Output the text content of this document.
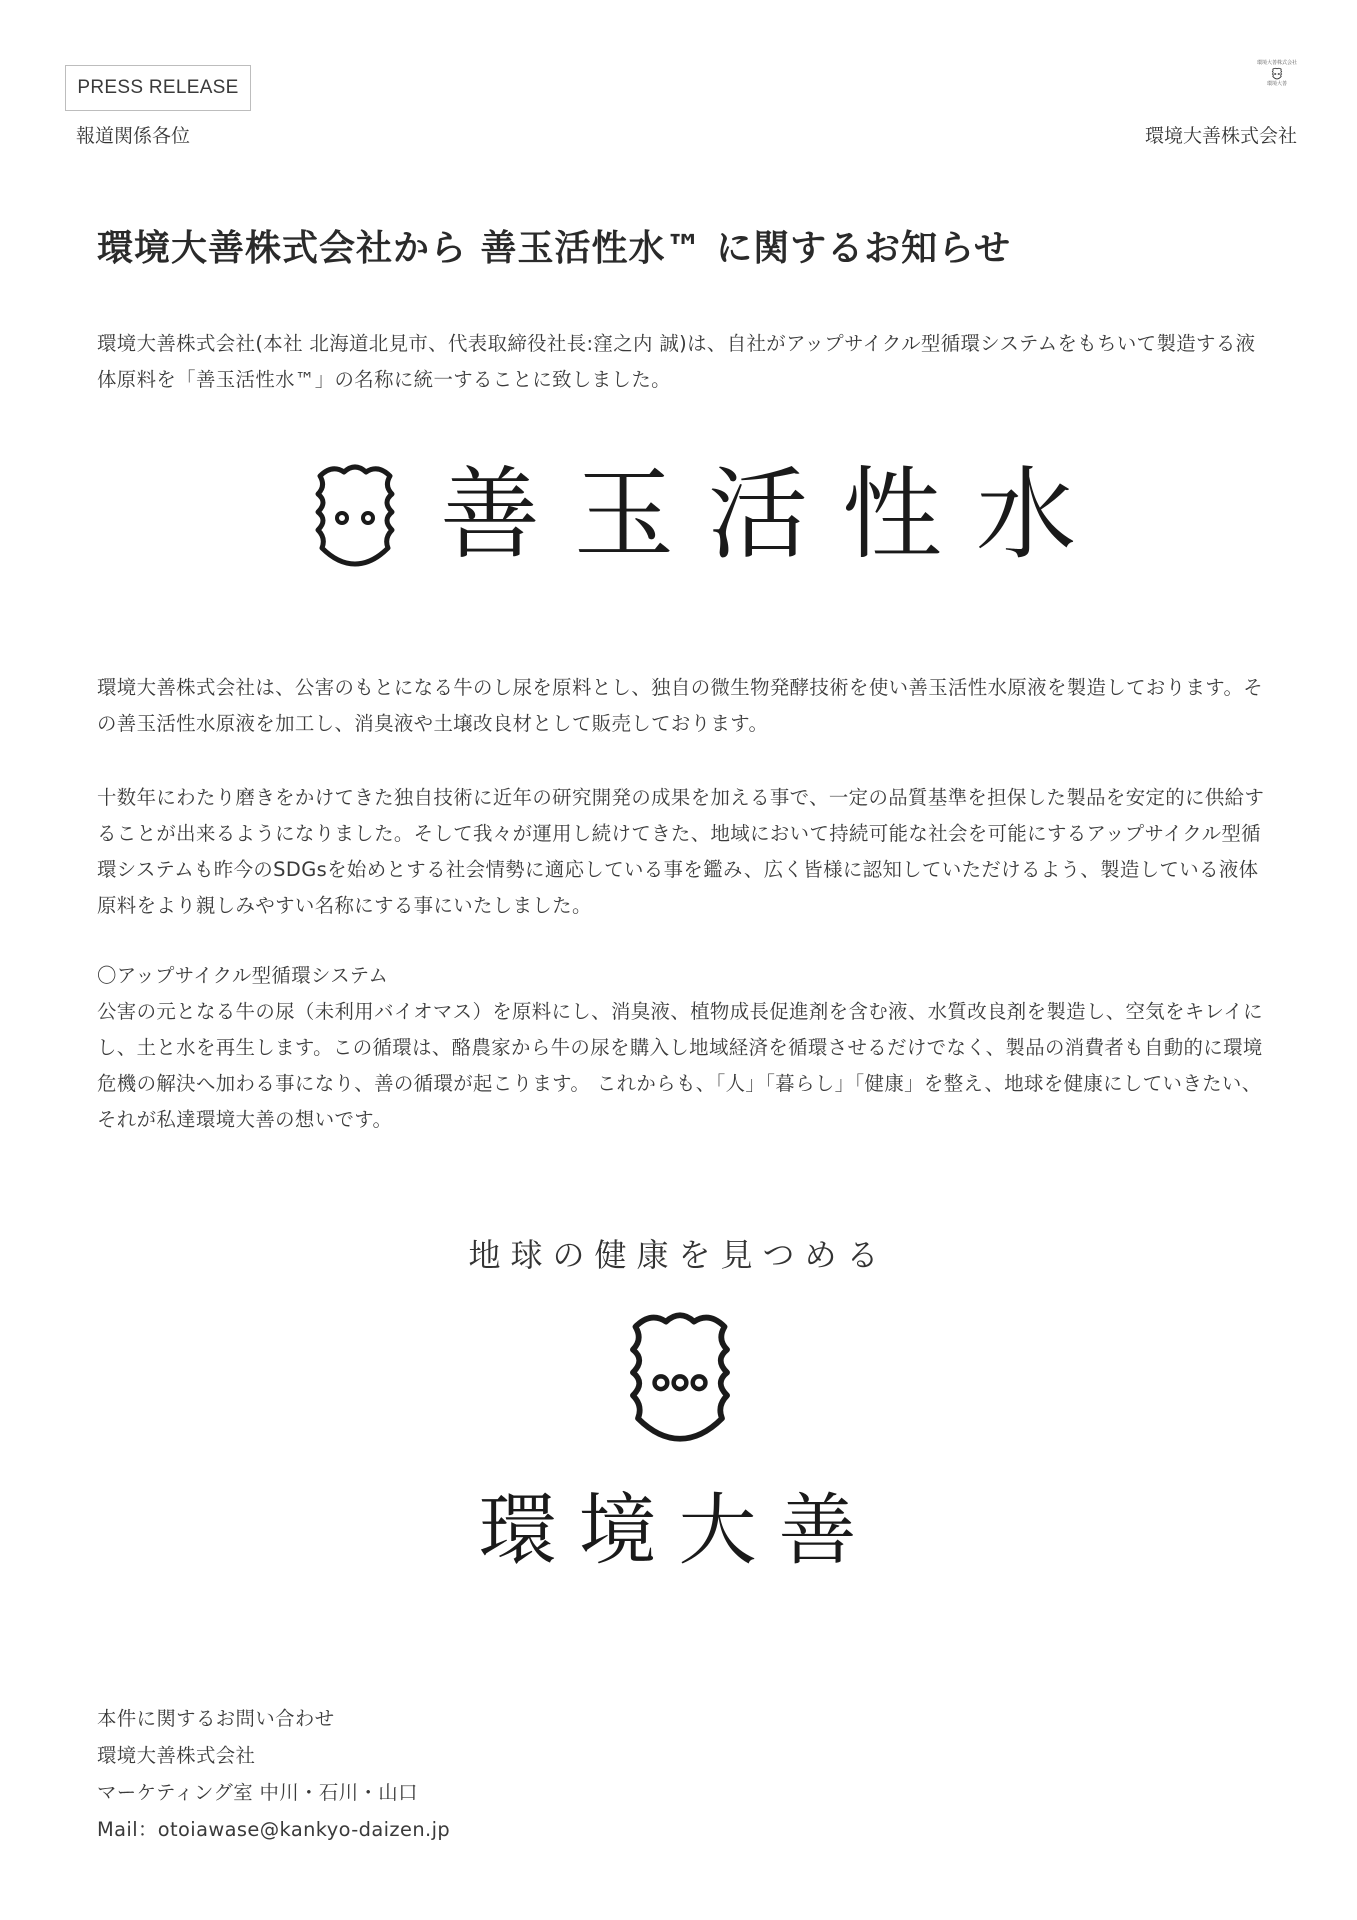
PRESS RELEASE
報道関係各位
環境大善株式会社
環境大善
環境大善株式会社
環境大善株式会社から 善玉活性水™ に関するお知らせ

環境大善株式会社(本社 北海道北見市、代表取締役社長:窪之内 誠)は、自社がアップサイクル型循環システムをもちいて製造する液体原料を「善玉活性水™」の名称に統一することに致しました。

善玉活性水

環境大善株式会社は、公害のもとになる牛のし尿を原料とし、独自の微生物発酵技術を使い善玉活性水原液を製造しております。その善玉活性水原液を加工し、消臭液や土壌改良材として販売しております。

十数年にわたり磨きをかけてきた独自技術に近年の研究開発の成果を加える事で、一定の品質基準を担保した製品を安定的に供給することが出来るようになりました。そして我々が運用し続けてきた、地域において持続可能な社会を可能にするアップサイクル型循環システムも昨今のSDGsを始めとする社会情勢に適応している事を鑑み、広く皆様に認知していただけるよう、製造している液体原料をより親しみやすい名称にする事にいたしました。

〇アップサイクル型循環システム
公害の元となる牛の尿（未利用バイオマス）を原料にし、消臭液、植物成長促進剤を含む液、水質改良剤を製造し、空気をキレイにし、土と水を再生します。この循環は、酪農家から牛の尿を購入し地域経済を循環させるだけでなく、製品の消費者も自動的に環境危機の解決へ加わる事になり、善の循環が起こります。 これからも、「人」「暮らし」「健康」を整え、地球を健康にしていきたい、それが私達環境大善の想いです。
地球の健康を見つめる
環境大善
本件に関するお問い合わせ
環境大善株式会社
マーケティング室 中川・石川・山口
Mail：otoiawase@kankyo-daizen.jp
